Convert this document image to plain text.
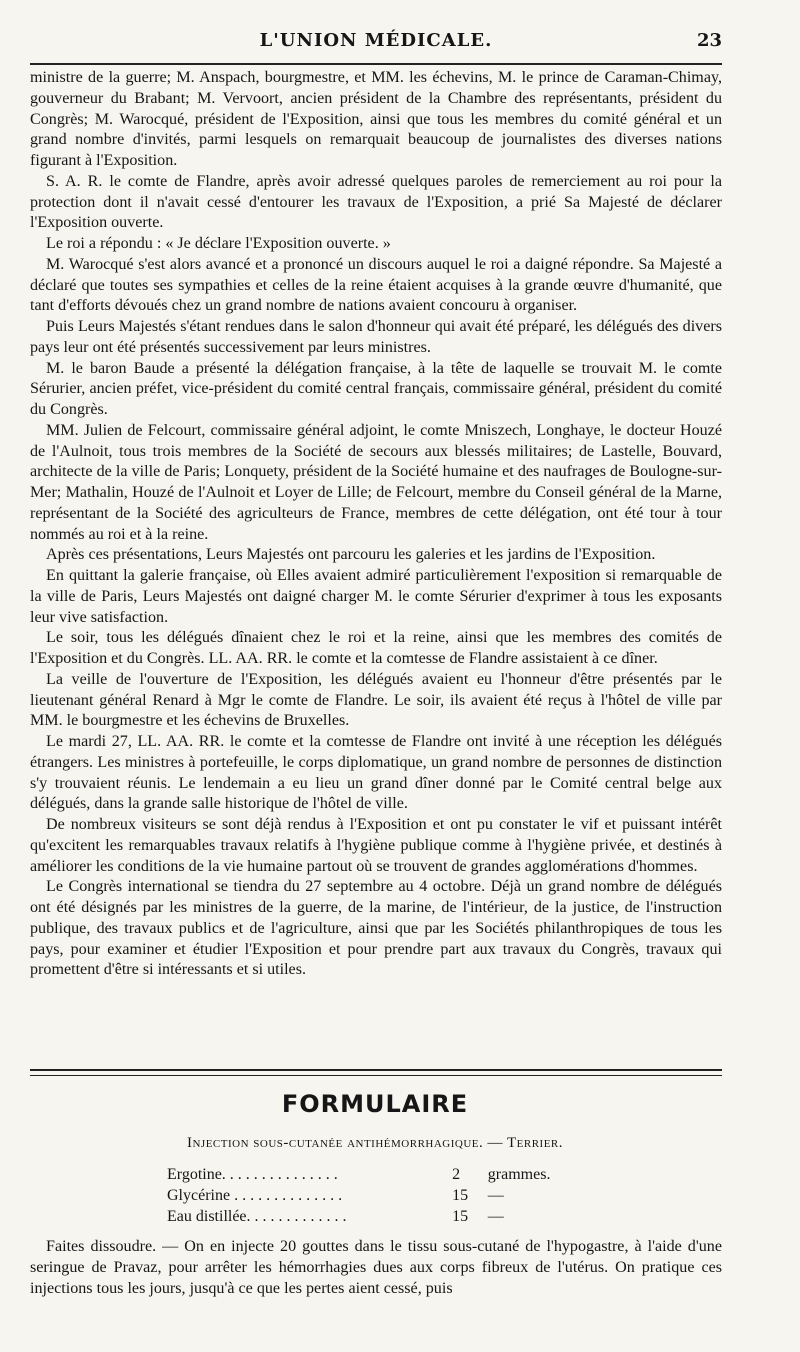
L'UNION MÉDICALE.	23

ministre de la guerre; M. Anspach, bourgmestre, et MM. les échevins, M. le prince de Caraman-Chimay, gouverneur du Brabant; M. Vervoort, ancien président de la Chambre des représentants, président du Congrès; M. Warocqué, président de l'Exposition, ainsi que tous les membres du comité général et un grand nombre d'invités, parmi lesquels on remarquait beaucoup de journalistes des diverses nations figurant à l'Exposition.

S. A. R. le comte de Flandre, après avoir adressé quelques paroles de remerciement au roi pour la protection dont il n'avait cessé d'entourer les travaux de l'Exposition, a prié Sa Majesté de déclarer l'Exposition ouverte.

Le roi a répondu : « Je déclare l'Exposition ouverte. »

M. Warocqué s'est alors avancé et a prononcé un discours auquel le roi a daigné répondre. Sa Majesté a déclaré que toutes ses sympathies et celles de la reine étaient acquises à la grande œuvre d'humanité, que tant d'efforts dévoués chez un grand nombre de nations avaient concouru à organiser.

Puis Leurs Majestés s'étant rendues dans le salon d'honneur qui avait été préparé, les délégués des divers pays leur ont été présentés successivement par leurs ministres.

M. le baron Baude a présenté la délégation française, à la tête de laquelle se trouvait M. le comte Sérurier, ancien préfet, vice-président du comité central français, commissaire général, président du comité du Congrès.

MM. Julien de Felcourt, commissaire général adjoint, le comte Mniszech, Longhaye, le docteur Houzé de l'Aulnoit, tous trois membres de la Société de secours aux blessés militaires; de Lastelle, Bouvard, architecte de la ville de Paris; Lonquety, président de la Société humaine et des naufrages de Boulogne-sur-Mer; Mathalin, Houzé de l'Aulnoit et Loyer de Lille; de Felcourt, membre du Conseil général de la Marne, représentant de la Société des agriculteurs de France, membres de cette délégation, ont été tour à tour nommés au roi et à la reine.

Après ces présentations, Leurs Majestés ont parcouru les galeries et les jardins de l'Exposition.

En quittant la galerie française, où Elles avaient admiré particulièrement l'exposition si remarquable de la ville de Paris, Leurs Majestés ont daigné charger M. le comte Sérurier d'exprimer à tous les exposants leur vive satisfaction.

Le soir, tous les délégués dînaient chez le roi et la reine, ainsi que les membres des comités de l'Exposition et du Congrès. LL. AA. RR. le comte et la comtesse de Flandre assistaient à ce dîner.

La veille de l'ouverture de l'Exposition, les délégués avaient eu l'honneur d'être présentés par le lieutenant général Renard à Mgr le comte de Flandre. Le soir, ils avaient été reçus à l'hôtel de ville par MM. le bourgmestre et les échevins de Bruxelles.

Le mardi 27, LL. AA. RR. le comte et la comtesse de Flandre ont invité à une réception les délégués étrangers. Les ministres à portefeuille, le corps diplomatique, un grand nombre de personnes de distinction s'y trouvaient réunis. Le lendemain a eu lieu un grand dîner donné par le Comité central belge aux délégués, dans la grande salle historique de l'hôtel de ville.

De nombreux visiteurs se sont déjà rendus à l'Exposition et ont pu constater le vif et puissant intérêt qu'excitent les remarquables travaux relatifs à l'hygiène publique comme à l'hygiène privée, et destinés à améliorer les conditions de la vie humaine partout où se trouvent de grandes agglomérations d'hommes.

Le Congrès international se tiendra du 27 septembre au 4 octobre. Déjà un grand nombre de délégués ont été désignés par les ministres de la guerre, de la marine, de l'intérieur, de la justice, de l'instruction publique, des travaux publics et de l'agriculture, ainsi que par les Sociétés philanthropiques de tous les pays, pour examiner et étudier l'Exposition et pour prendre part aux travaux du Congrès, travaux qui promettent d'être si intéressants et si utiles.

FORMULAIRE
Injection sous-cutanée antihémorrhagique. — Terrier.
Ergotine. . . . . . . . . . . . . . .	2	grammes.
Glycérine . . . . . . . . . . . . . .	15	—
Eau distillée. . . . . . . . . . . . .	15	—

Faites dissoudre. — On en injecte 20 gouttes dans le tissu sous-cutané de l'hypogastre, à l'aide d'une seringue de Pravaz, pour arrêter les hémorrhagies dues aux corps fibreux de l'utérus. On pratique ces injections tous les jours, jusqu'à ce que les pertes aient cessé, puis
